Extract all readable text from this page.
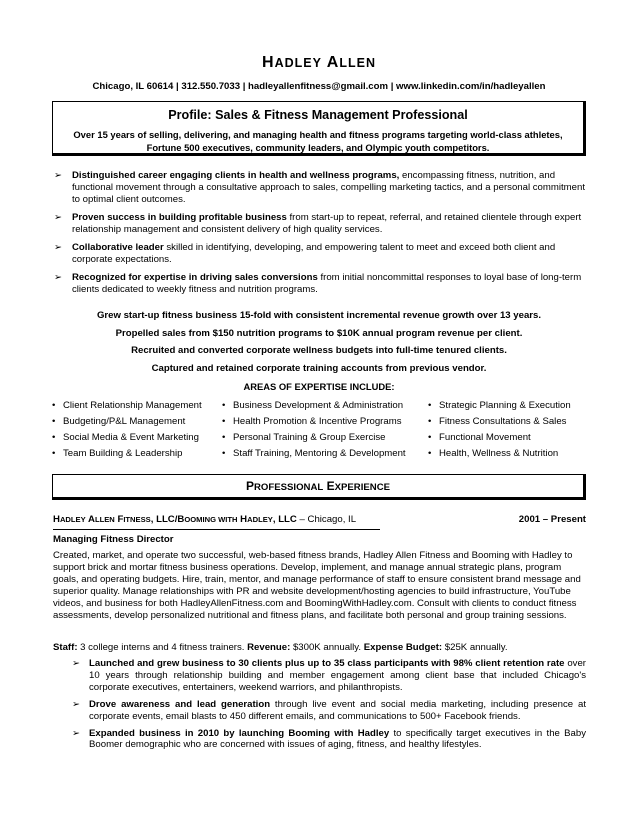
HADLEY ALLEN
Chicago, IL 60614 | 312.550.7033 | hadleyallenfitness@gmail.com | www.linkedin.com/in/hadleyallen
Profile: Sales & Fitness Management Professional
Over 15 years of selling, delivering, and managing health and fitness programs targeting world-class athletes,
Fortune 500 executives, community leaders, and Olympic youth competitors.
➢ Distinguished career engaging clients in health and wellness programs, encompassing fitness, nutrition, and functional movement through a consultative approach to sales, compelling marketing tactics, and a personal commitment to optimal client outcomes.
➢ Proven success in building profitable business from start-up to repeat, referral, and retained clientele through expert relationship management and consistent delivery of high quality services.
➢ Collaborative leader skilled in identifying, developing, and empowering talent to meet and exceed both client and corporate expectations.
➢ Recognized for expertise in driving sales conversions from initial noncommittal responses to loyal base of long-term clients dedicated to weekly fitness and nutrition programs.
Grew start-up fitness business 15-fold with consistent incremental revenue growth over 13 years.
Propelled sales from $150 nutrition programs to $10K annual program revenue per client.
Recruited and converted corporate wellness budgets into full-time tenured clients.
Captured and retained corporate training accounts from previous vendor.
AREAS OF EXPERTISE INCLUDE:
• Client Relationship Management
• Budgeting/P&L Management
• Social Media & Event Marketing
• Team Building & Leadership
• Business Development & Administration
• Health Promotion & Incentive Programs
• Personal Training & Group Exercise
• Staff Training, Mentoring & Development
• Strategic Planning & Execution
• Fitness Consultations & Sales
• Functional Movement
• Health, Wellness & Nutrition
PROFESSIONAL EXPERIENCE
HADLEY ALLEN FITNESS, LLC/BOOMING WITH HADLEY, LLC – Chicago, IL	2001 – Present
Managing Fitness Director
Created, market, and operate two successful, web-based fitness brands, Hadley Allen Fitness and Booming with Hadley to support brick and mortar fitness business operations. Develop, implement, and manage annual strategic plans, program goals, and operating budgets. Hire, train, mentor, and manage performance of staff to ensure consistent brand message and superior quality. Manage relationships with PR and website development/hosting agencies to build infrastructure, YouTube videos, and business for both HadleyAllenFitness.com and BoomingWithHadley.com. Consult with clients to conduct fitness assessments, develop personalized nutritional and fitness plans, and facilitate both personal and group training sessions.
Staff: 3 college interns and 4 fitness trainers. Revenue: $300K annually. Expense Budget: $25K annually.
➢ Launched and grew business to 30 clients plus up to 35 class participants with 98% client retention rate over 10 years through relationship building and member engagement among client base that included Chicago's corporate executives, entertainers, weekend warriors, and philanthropists.
➢ Drove awareness and lead generation through live event and social media marketing, including presence at corporate events, email blasts to 450 different emails, and communications to 500+ Facebook friends.
➢ Expanded business in 2010 by launching Booming with Hadley to specifically target executives in the Baby Boomer demographic who are concerned with issues of aging, fitness, and healthy lifestyles.
